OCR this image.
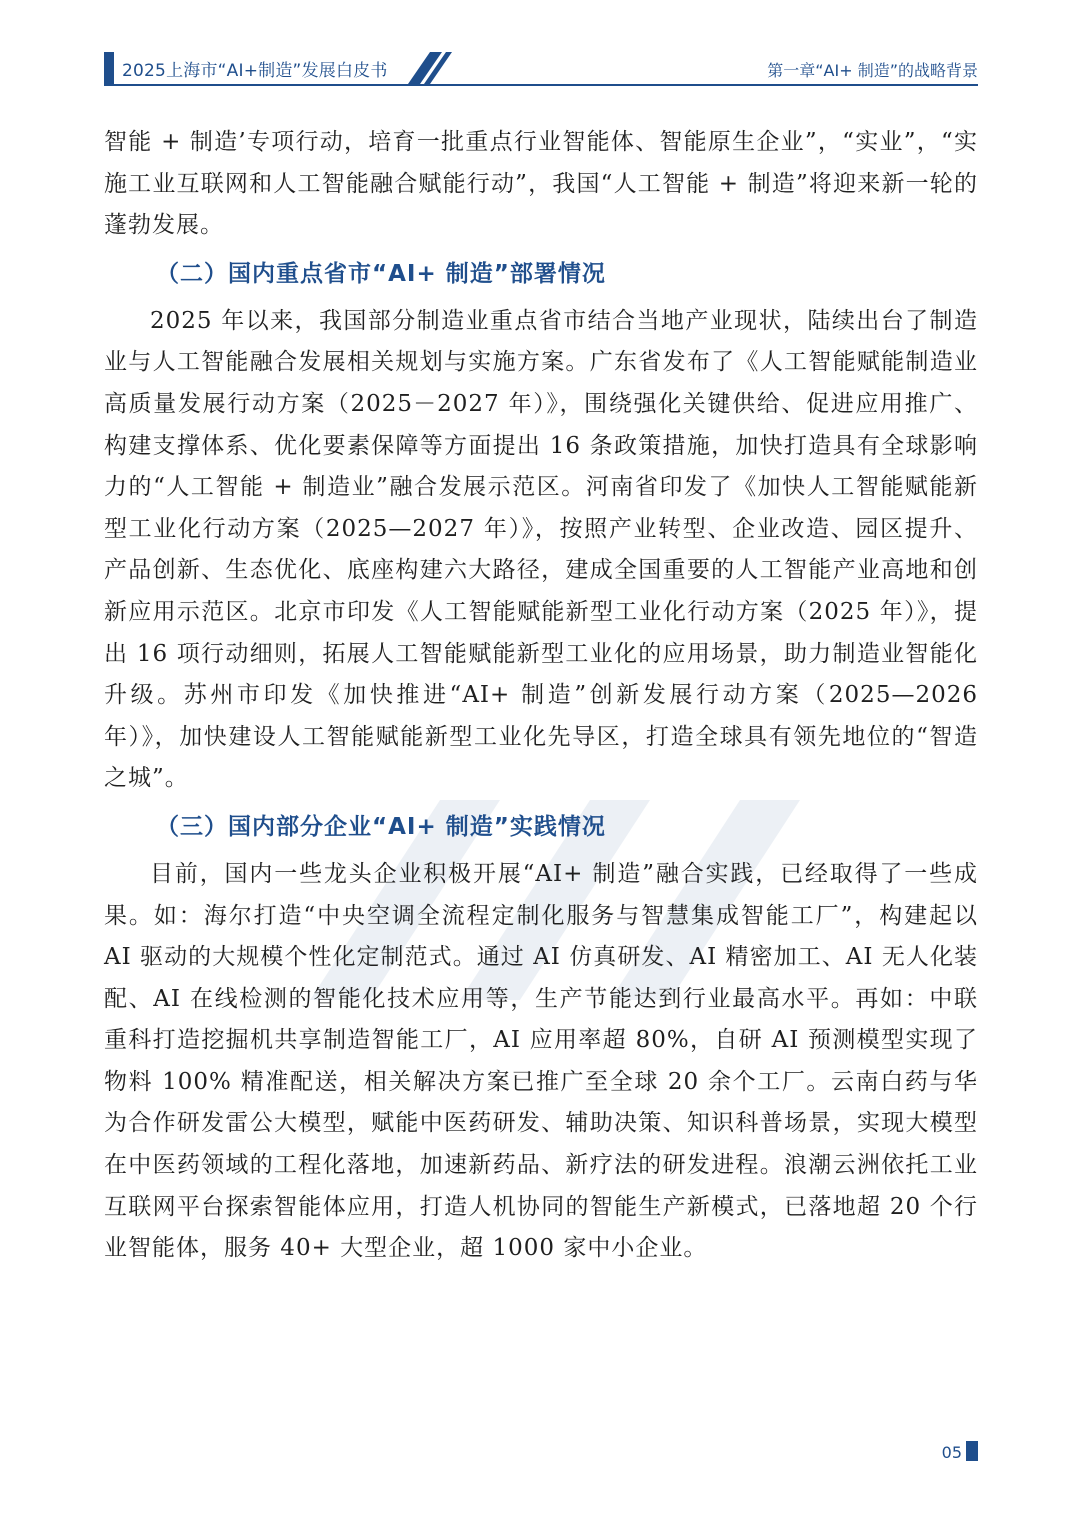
2025上海市“AI+制造”发展白皮书	第一章“AI+ 制造”的战略背景

智能 + 制造’专项行动，培育一批重点行业智能体、智能原生企业”，“实业”，“实施工业互联网和人工智能融合赋能行动”，我国“人工智能 + 制造”将迎来新一轮的蓬勃发展。

（二）国内重点省市“AI+ 制造”部署情况

2025 年以来，我国部分制造业重点省市结合当地产业现状，陆续出台了制造业与人工智能融合发展相关规划与实施方案。广东省发布了《人工智能赋能制造业高质量发展行动方案（2025－2027 年）》，围绕强化关键供给、促进应用推广、构建支撑体系、优化要素保障等方面提出 16 条政策措施，加快打造具有全球影响力的“人工智能 + 制造业”融合发展示范区。河南省印发了《加快人工智能赋能新型工业化行动方案（2025—2027 年）》，按照产业转型、企业改造、园区提升、产品创新、生态优化、底座构建六大路径，建成全国重要的人工智能产业高地和创新应用示范区。北京市印发《人工智能赋能新型工业化行动方案（2025 年）》，提出 16 项行动细则，拓展人工智能赋能新型工业化的应用场景，助力制造业智能化升级。苏州市印发《加快推进“AI+ 制造”创新发展行动方案（2025—2026 年）》，加快建设人工智能赋能新型工业化先导区，打造全球具有领先地位的“智造之城”。

（三）国内部分企业“AI+ 制造”实践情况

目前，国内一些龙头企业积极开展“AI+ 制造”融合实践，已经取得了一些成果。如：海尔打造“中央空调全流程定制化服务与智慧集成智能工厂”，构建起以 AI 驱动的大规模个性化定制范式。通过 AI 仿真研发、AI 精密加工、AI 无人化装配、AI 在线检测的智能化技术应用等，生产节能达到行业最高水平。再如：中联重科打造挖掘机共享制造智能工厂，AI 应用率超 80%，自研 AI 预测模型实现了物料 100% 精准配送，相关解决方案已推广至全球 20 余个工厂。云南白药与华为合作研发雷公大模型，赋能中医药研发、辅助决策、知识科普场景，实现大模型在中医药领域的工程化落地，加速新药品、新疗法的研发进程。浪潮云洲依托工业互联网平台探索智能体应用，打造人机协同的智能生产新模式，已落地超 20 个行业智能体，服务 40+ 大型企业，超 1000 家中小企业。

05
